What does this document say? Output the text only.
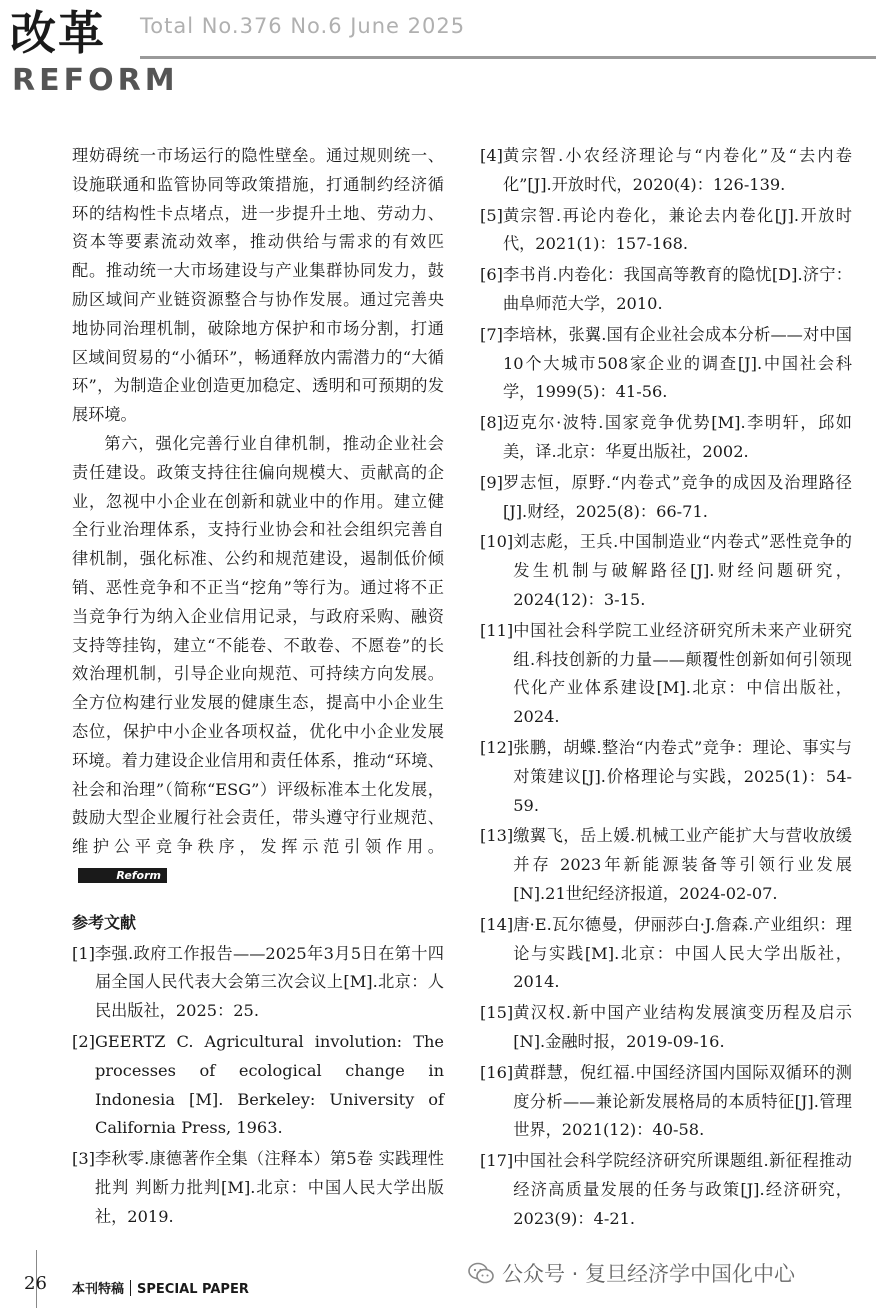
改革
REFORM
Total No.376 No.6 June 2025

理妨碍统一市场运行的隐性壁垒。通过规则统一、设施联通和监管协同等政策措施，打通制约经济循环的结构性卡点堵点，进一步提升土地、劳动力、资本等要素流动效率，推动供给与需求的有效匹配。推动统一大市场建设与产业集群协同发力，鼓励区域间产业链资源整合与协作发展。通过完善央地协同治理机制，破除地方保护和市场分割，打通区域间贸易的“小循环”，畅通释放内需潜力的“大循环”，为制造企业创造更加稳定、透明和可预期的发展环境。

第六，强化完善行业自律机制，推动企业社会责任建设。政策支持往往偏向规模大、贡献高的企业，忽视中小企业在创新和就业中的作用。建立健全行业治理体系，支持行业协会和社会组织完善自律机制，强化标准、公约和规范建设，遏制低价倾销、恶性竞争和不正当“挖角”等行为。通过将不正当竞争行为纳入企业信用记录，与政府采购、融资支持等挂钩，建立“不能卷、不敢卷、不愿卷”的长效治理机制，引导企业向规范、可持续方向发展。全方位构建行业发展的健康生态，提高中小企业生态位，保护中小企业各项权益，优化中小企业发展环境。着力建设企业信用和责任体系，推动“环境、社会和治理”（简称“ESG”）评级标准本土化发展，鼓励大型企业履行社会责任，带头遵守行业规范、维护公平竞争秩序，发挥示范引领作用。Reform

参考文献
[1] 李强.政府工作报告——2025年3月5日在第十四届全国人民代表大会第三次会议上[M].北京：人民出版社，2025：25.
[2] GEERTZ C. Agricultural involution: The processes of ecological change in Indonesia [M]. Berkeley: University of California Press, 1963.
[3] 李秋零.康德著作全集（注释本）第5卷 实践理性批判 判断力批判[M].北京：中国人民大学出版社，2019.
[4] 黄宗智.小农经济理论与“内卷化”及“去内卷化”[J].开放时代，2020(4)：126-139.
[5] 黄宗智.再论内卷化，兼论去内卷化[J].开放时代，2021(1)：157-168.
[6] 李书肖.内卷化：我国高等教育的隐忧[D].济宁：曲阜师范大学，2010.
[7] 李培林，张翼.国有企业社会成本分析——对中国10个大城市508家企业的调查[J].中国社会科学，1999(5)：41-56.
[8] 迈克尔·波特.国家竞争优势[M].李明轩，邱如美，译.北京：华夏出版社，2002.
[9] 罗志恒，原野.“内卷式”竞争的成因及治理路径[J].财经，2025(8)：66-71.
[10] 刘志彪，王兵.中国制造业“内卷式”恶性竞争的发生机制与破解路径[J].财经问题研究，2024(12)：3-15.
[11] 中国社会科学院工业经济研究所未来产业研究组.科技创新的力量——颠覆性创新如何引领现代化产业体系建设[M].北京：中信出版社，2024.
[12] 张鹏，胡蝶.整治“内卷式”竞争：理论、事实与对策建议[J].价格理论与实践，2025(1)：54-59.
[13] 缴翼飞，岳上媛.机械工业产能扩大与营收放缓并存 2023年新能源装备等引领行业发展[N].21世纪经济报道，2024-02-07.
[14] 唐·E.瓦尔德曼，伊丽莎白·J.詹森.产业组织：理论与实践[M].北京：中国人民大学出版社，2014.
[15] 黄汉权.新中国产业结构发展演变历程及启示[N].金融时报，2019-09-16.
[16] 黄群慧，倪红福.中国经济国内国际双循环的测度分析——兼论新发展格局的本质特征[J].管理世界，2021(12)：40-58.
[17] 中国社会科学院经济研究所课题组.新征程推动经济高质量发展的任务与政策[J].经济研究，2023(9)：4-21.
26 本刊特稿 SPECIAL PAPER
公众号 · 复旦经济学中国化中心
